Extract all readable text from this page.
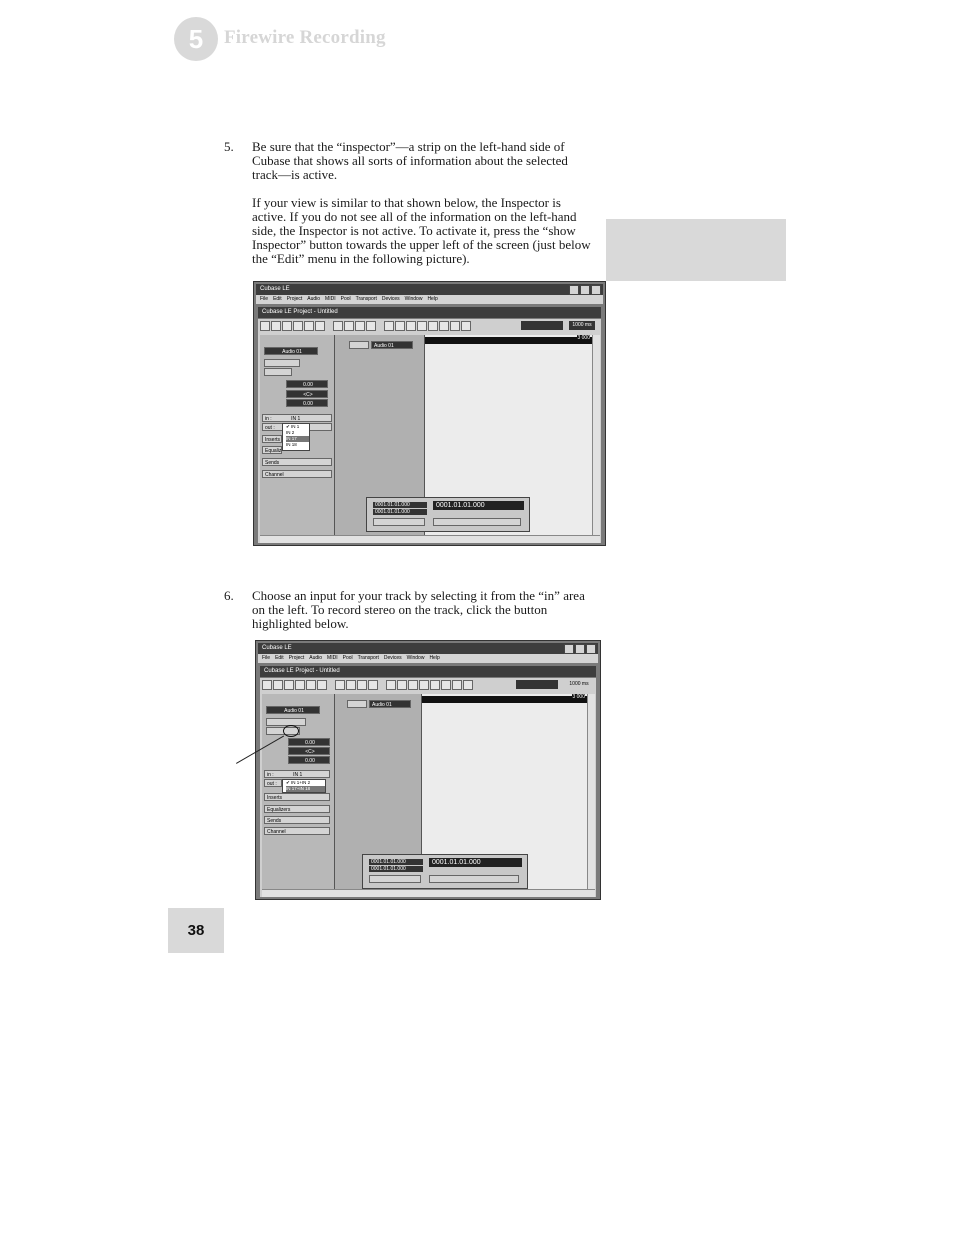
5	Firewire Recording
5. Be sure that the “inspector”—a strip on the left-hand side of Cubase that shows all sorts of information about the selected track—is active.
If your view is similar to that shown below, the Inspector is active. If you do not see all of the information on the left-hand side, the Inspector is not active. To activate it, press the “show Inspector” button towards the upper left of the screen (just below the “Edit” menu in the following picture).
Cubase LE
File Edit Project Audio MIDI Pool Transport Devices Window Help
Cubase LE Project - Untitled
1000 ms
Audio 01
0.00
<C>
0.00
in :	IN 1
out :	✔ IN 1
IN 2
IN 17
IN 18
Inserts
Equaliz
Sends
Channel
Audio 01
3 000
0001.01.01.000
0001.01.01.000
0001.01.01.000
6. Choose an input for your track by selecting it from the “in” area on the left. To record stereo on the track, click the button highlighted below.
Cubase LE
File Edit Project Audio MIDI Pool Transport Devices Window Help
Cubase LE Project - Untitled
1000 ms
Audio 01
0.00
<C>
0.00
in :	IN 1
out :	✔ IN 1+IN 2
IN 17+IN 18
Inserts
Equalizers
Sends
Channel
Audio 01
3 000
0001.01.01.000
0001.01.01.000
0001.01.01.000
38
